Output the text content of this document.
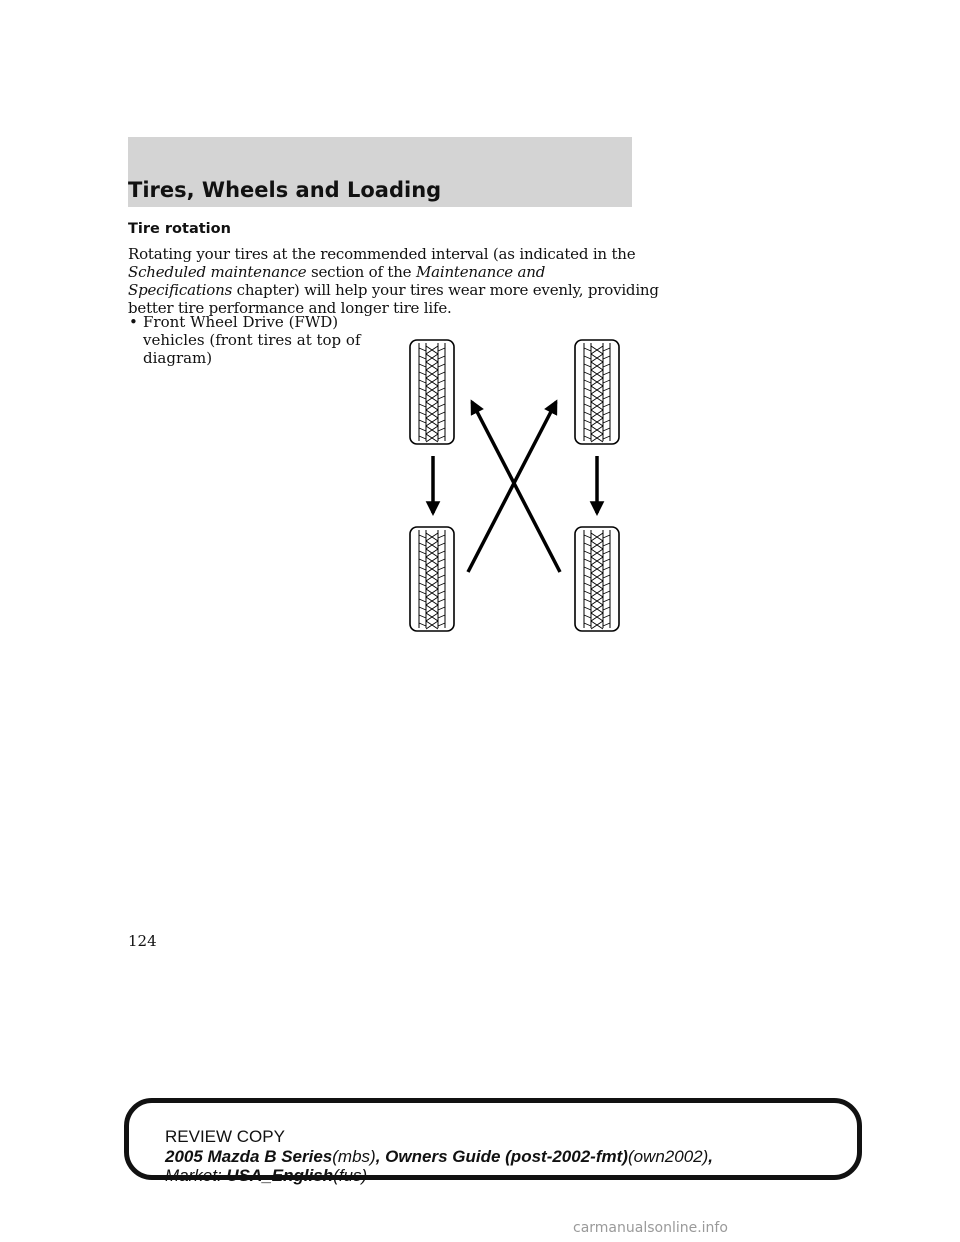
Tires, Wheels and Loading
Tire rotation
Rotating your tires at the recommended interval (as indicated in the
Scheduled maintenance section of the Maintenance and
Specifications chapter) will help your tires wear more evenly, providing
better tire performance and longer tire life.
• Front Wheel Drive (FWD)
vehicles (front tires at top of
diagram)
124
REVIEW COPY
2005 Mazda B Series(mbs), Owners Guide (post-2002-fmt)(own2002),
Market: USA_English(fus)
carmanualsonline.info
